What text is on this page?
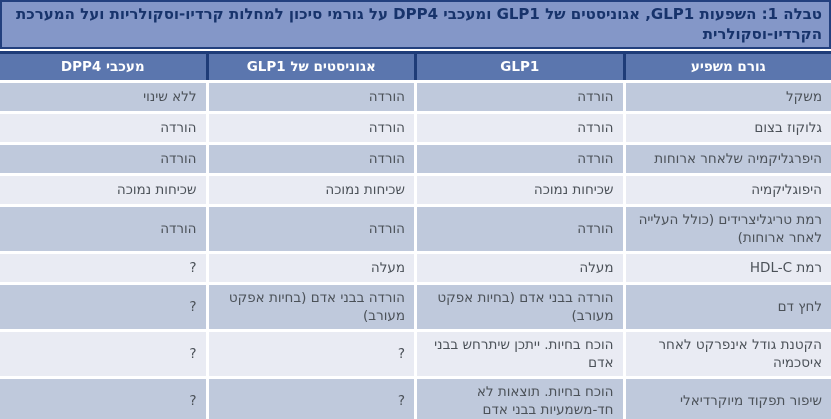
טבלה 1: השפעות GLP1, אגוניסטים של GLP1 ומעכבי DPP4 על גורמי סיכון למחלות קרדיו-וסקולריות ועל המערכת הקרדיו-וסקולרית
גורם משפיע
GLP1
אגוניסטים של GLP1
מעכבי DPP4
משקל
הורדה
הורדה
ללא שינוי
גלוקוז בצום
הורדה
הורדה
הורדה
היפרגליקמיה שלאחר ארוחות
הורדה
הורדה
הורדה
היפוגליקמיה
שכיחות נמוכה
שכיחות נמוכה
שכיחות נמוכה
רמת טריגליצרידים (כולל העלייה לאחר ארוחות)
הורדה
הורדה
הורדה
רמת HDL-C
מעלה
מעלה
?
לחץ דם
הורדה בבני אדם (בחיות אפקט מעורב)
הורדה בבני אדם (בחיות אפקט מעורב)
?
הקטנת גודל אינפרקט לאחר איסכמיה
הוכח בחיות. ייתכן שיתרחש בבני אדם
?
?
שיפור תפקוד מיוקרדיאלי
הוכח בחיות. תוצאות לא חד-משמעיות בבני אדם
?
?
